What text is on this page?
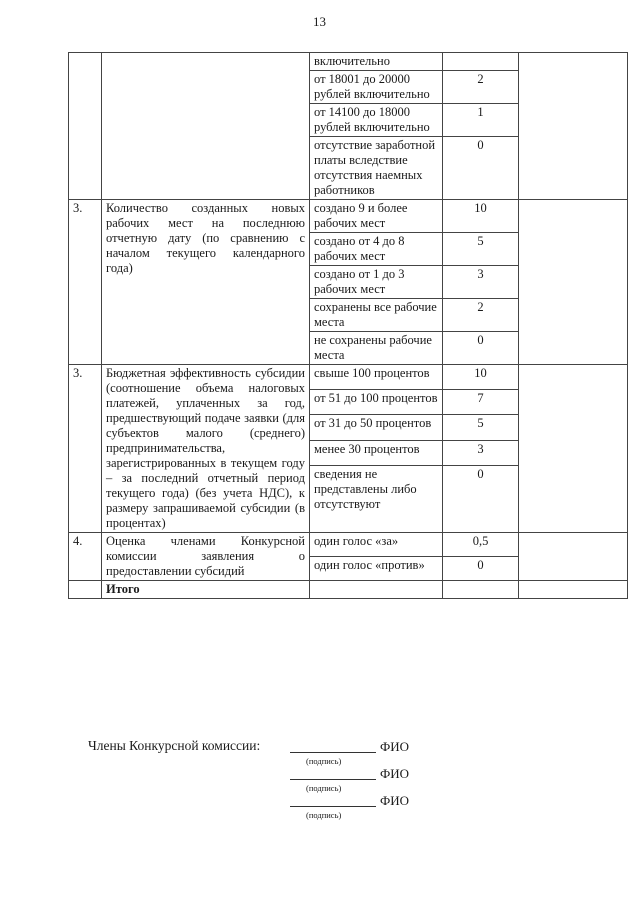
13
		включительно		
		от 18001 до 20000 рублей включительно	2	
		от 14100 до 18000 рублей включительно	1	
		отсутствие заработной платы вследствие отсутствия наемных работников	0	
3.	Количество созданных новых рабочих мест на последнюю отчетную дату (по сравнению с началом текущего календарного года)	создано 9 и более рабочих мест	10	
		создано от 4 до 8 рабочих мест	5	
		создано от 1 до 3 рабочих мест	3	
		сохранены все рабочие места	2	
		не сохранены рабочие места	0	
3.	Бюджетная эффективность субсидии (соотношение объема налоговых платежей, уплаченных за год, предшествующий подаче заявки (для субъектов малого (среднего) предпринимательства, зарегистрированных в текущем году – за последний отчетный период текущего года) (без учета НДС), к размеру запрашиваемой субсидии (в процентах)	свыше 100 процентов	10	
		от 51 до 100 процентов	7	
		от 31 до 50 процентов	5	
		менее 30 процентов	3	
		сведения не представлены либо отсутствуют	0	
4.	Оценка членами Конкурсной комиссии заявления о предоставлении субсидий	один голос «за»	0,5	
		один голос «против»	0	
	Итого			
Члены Конкурсной комиссии:	ФИО
(подпись)
ФИО
(подпись)
ФИО
(подпись)
